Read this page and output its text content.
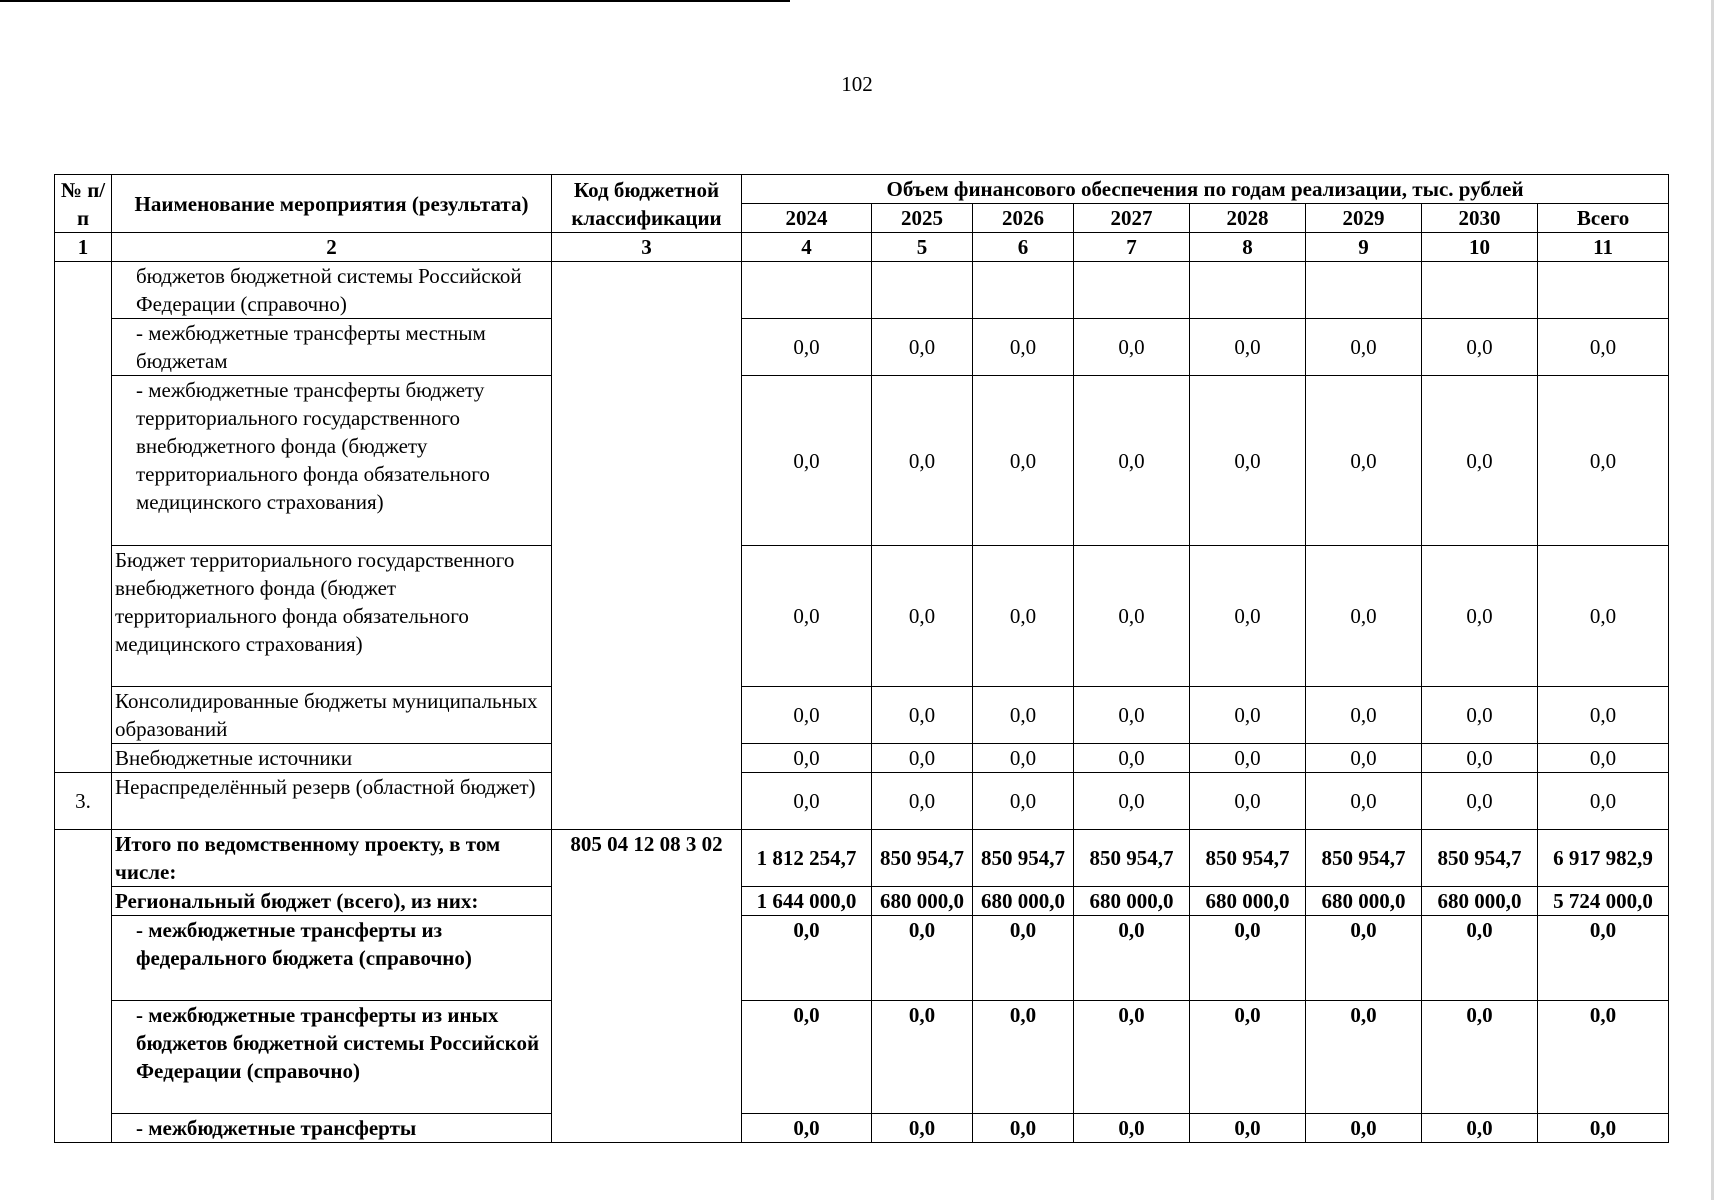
102
№ п/п	Наименование мероприятия (результата)	Код бюджетной классификации	Объем финансового обеспечения по годам реализации, тыс. рублей							
			2024	2025	2026	2027	2028	2029	2030	Всего
1	2	3	4	5	6	7	8	9	10	11
	бюджетов бюджетной системы Российской Федерации (справочно)									
	- межбюджетные трансферты местным бюджетам		0,0	0,0	0,0	0,0	0,0	0,0	0,0	0,0
	- межбюджетные трансферты бюджету территориального государственного внебюджетного фонда (бюджету территориального фонда обязательного медицинского страхования)		0,0	0,0	0,0	0,0	0,0	0,0	0,0	0,0
	Бюджет территориального государственного внебюджетного фонда (бюджет территориального фонда обязательного медицинского страхования)		0,0	0,0	0,0	0,0	0,0	0,0	0,0	0,0
	Консолидированные бюджеты муниципальных образований		0,0	0,0	0,0	0,0	0,0	0,0	0,0	0,0
	Внебюджетные источники		0,0	0,0	0,0	0,0	0,0	0,0	0,0	0,0
3.	Нераспределённый резерв (областной бюджет)		0,0	0,0	0,0	0,0	0,0	0,0	0,0	0,0
	Итого по ведомственному проекту, в том числе:	805 04 12 08 3 02	1 812 254,7	850 954,7	850 954,7	850 954,7	850 954,7	850 954,7	850 954,7	6 917 982,9
	Региональный бюджет (всего), из них:		1 644 000,0	680 000,0	680 000,0	680 000,0	680 000,0	680 000,0	680 000,0	5 724 000,0
	- межбюджетные трансферты из федерального бюджета (справочно)		0,0	0,0	0,0	0,0	0,0	0,0	0,0	0,0
	- межбюджетные трансферты из иных бюджетов бюджетной системы Российской Федерации (справочно)		0,0	0,0	0,0	0,0	0,0	0,0	0,0	0,0
	- межбюджетные трансферты		0,0	0,0	0,0	0,0	0,0	0,0	0,0	0,0
